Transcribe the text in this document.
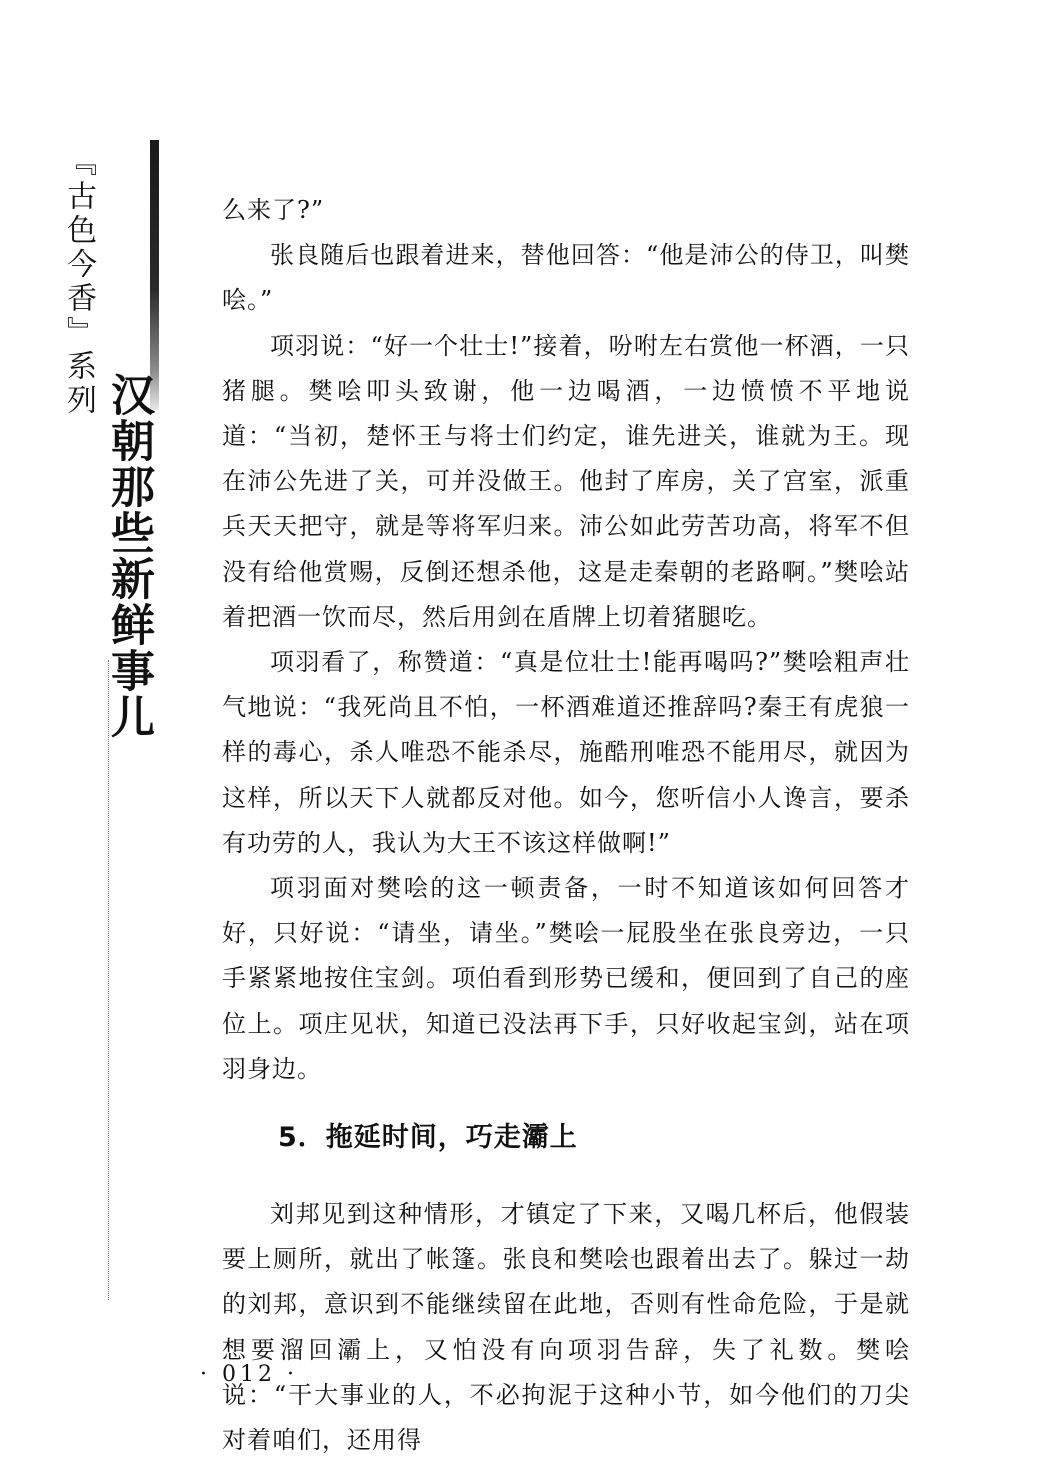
『古色今香』系列
汉朝那些新鲜事儿

么来了?”

张良随后也跟着进来，替他回答：“他是沛公的侍卫，叫樊哙。”

项羽说：“好一个壮士!”接着，吩咐左右赏他一杯酒，一只猪腿。樊哙叩头致谢，他一边喝酒，一边愤愤不平地说道：“当初，楚怀王与将士们约定，谁先进关，谁就为王。现在沛公先进了关，可并没做王。他封了库房，关了宫室，派重兵天天把守，就是等将军归来。沛公如此劳苦功高，将军不但没有给他赏赐，反倒还想杀他，这是走秦朝的老路啊。”樊哙站着把酒一饮而尽，然后用剑在盾牌上切着猪腿吃。

项羽看了，称赞道：“真是位壮士!能再喝吗?”樊哙粗声壮气地说：“我死尚且不怕，一杯酒难道还推辞吗?秦王有虎狼一样的毒心，杀人唯恐不能杀尽，施酷刑唯恐不能用尽，就因为这样，所以天下人就都反对他。如今，您听信小人谗言，要杀有功劳的人，我认为大王不该这样做啊!”

项羽面对樊哙的这一顿责备，一时不知道该如何回答才好，只好说：“请坐，请坐。”樊哙一屁股坐在张良旁边，一只手紧紧地按住宝剑。项伯看到形势已缓和，便回到了自己的座位上。项庄见状，知道已没法再下手，只好收起宝剑，站在项羽身边。

5．拖延时间，巧走灞上

刘邦见到这种情形，才镇定了下来，又喝几杯后，他假装要上厕所，就出了帐篷。张良和樊哙也跟着出去了。躲过一劫的刘邦，意识到不能继续留在此地，否则有性命危险，于是就想要溜回灞上，又怕没有向项羽告辞，失了礼数。樊哙说：“干大事业的人，不必拘泥于这种小节，如今他们的刀尖对着咱们，还用得

· 012 ·
